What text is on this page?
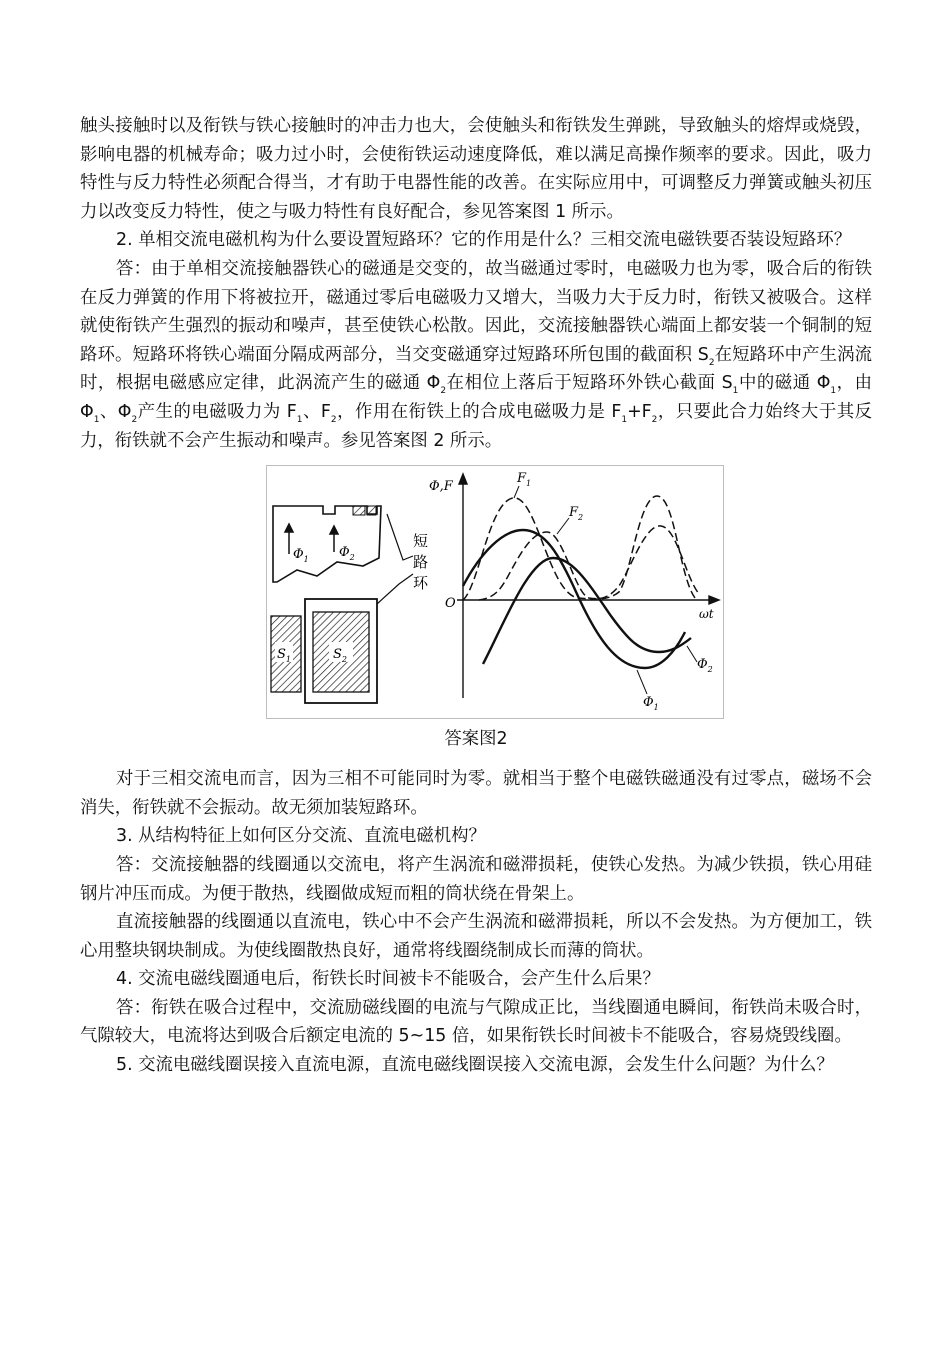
触头接触时以及衔铁与铁心接触时的冲击力也大，会使触头和衔铁发生弹跳，导致触头的熔焊或烧毁，影响电器的机械寿命；吸力过小时，会使衔铁运动速度降低，难以满足高操作频率的要求。因此，吸力特性与反力特性必须配合得当，才有助于电器性能的改善。在实际应用中，可调整反力弹簧或触头初压力以改变反力特性，使之与吸力特性有良好配合，参见答案图 1 所示。

2. 单相交流电磁机构为什么要设置短路环？它的作用是什么？三相交流电磁铁要否装设短路环？

答：由于单相交流接触器铁心的磁通是交变的，故当磁通过零时，电磁吸力也为零，吸合后的衔铁在反力弹簧的作用下将被拉开，磁通过零后电磁吸力又增大，当吸力大于反力时，衔铁又被吸合。这样就使衔铁产生强烈的振动和噪声，甚至使铁心松散。因此，交流接触器铁心端面上都安装一个铜制的短路环。短路环将铁心端面分隔成两部分，当交变磁通穿过短路环所包围的截面积 $S_2$在短路环中产生涡流时，根据电磁感应定律，此涡流产生的磁通 $\Phi_2$在相位上落后于短路环外铁心截面 $S_1$中的磁通 $\Phi_1$，由 $\Phi_1$、$\Phi_2$产生的电磁吸力为 $F_1$、$F_2$，作用在衔铁上的合成电磁吸力是 $F_1+F_2$，只要此合力始终大于其反力，衔铁就不会产生振动和噪声。参见答案图 2 所示。

$\Phi_1$ $\Phi_2$
短
路
环
$S_1$	$S_2$
Φ,F
O
ωt
$F_1$
$F_2$
$\Phi_2$
$\Phi_1$
答案图2

对于三相交流电而言，因为三相不可能同时为零。就相当于整个电磁铁磁通没有过零点，磁场不会消失，衔铁就不会振动。故无须加装短路环。

3. 从结构特征上如何区分交流、直流电磁机构？

答：交流接触器的线圈通以交流电，将产生涡流和磁滞损耗，使铁心发热。为减少铁损，铁心用硅钢片冲压而成。为便于散热，线圈做成短而粗的筒状绕在骨架上。

直流接触器的线圈通以直流电，铁心中不会产生涡流和磁滞损耗，所以不会发热。为方便加工，铁心用整块钢块制成。为使线圈散热良好，通常将线圈绕制成长而薄的筒状。

4. 交流电磁线圈通电后，衔铁长时间被卡不能吸合，会产生什么后果？

答：衔铁在吸合过程中，交流励磁线圈的电流与气隙成正比，当线圈通电瞬间，衔铁尚未吸合时，气隙较大，电流将达到吸合后额定电流的 5~15 倍，如果衔铁长时间被卡不能吸合，容易烧毁线圈。

5. 交流电磁线圈误接入直流电源，直流电磁线圈误接入交流电源，会发生什么问题？为什么？
